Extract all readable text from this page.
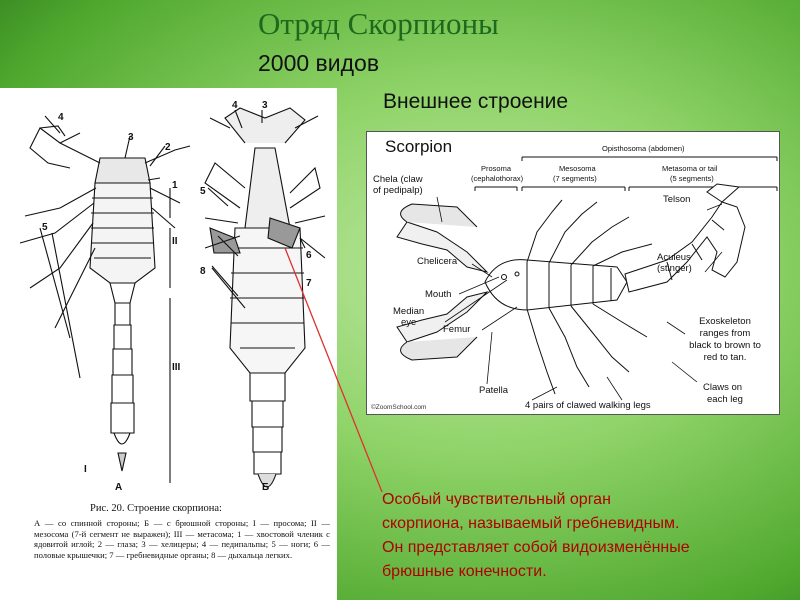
Отряд Скорпионы
2000 видов
Внешнее строение
4
3
2
1
5
II
III
I
А
4 3
5
6
7
8
Б
Рис. 20. Строение скорпиона:
А — со спинной стороны; Б — с брюшной стороны; I — просома; II — мезосома (7-й сегмент не выражен); III — метасома; 1 — хвостовой членик с ядовитой иглой; 2 — глаза; 3 — хелицеры; 4 — педипальпы; 5 — ноги; 6 — половые крышечки; 7 — гребневидные органы; 8 — дыхальца легких.
Scorpion	Opisthosoma (abdomen)
Prosoma
(cephalothorax)
Mesosoma
(7 segments)
Metasoma or tail
(5 segments)
Chela (claw
of pedipalp)
Telson
Chelicera	Aculeus
(stinger)
Mouth
Median
eye
Femur
Exoskeleton
ranges from
black to brown to
red to tan.
Patella	Claws on
each leg
4 pairs of clawed walking legs
©ZoomSchool.com
Особый чувствительный орган
скорпиона, называемый гребневидным.
Он представляет собой видоизменённые
брюшные конечности.
